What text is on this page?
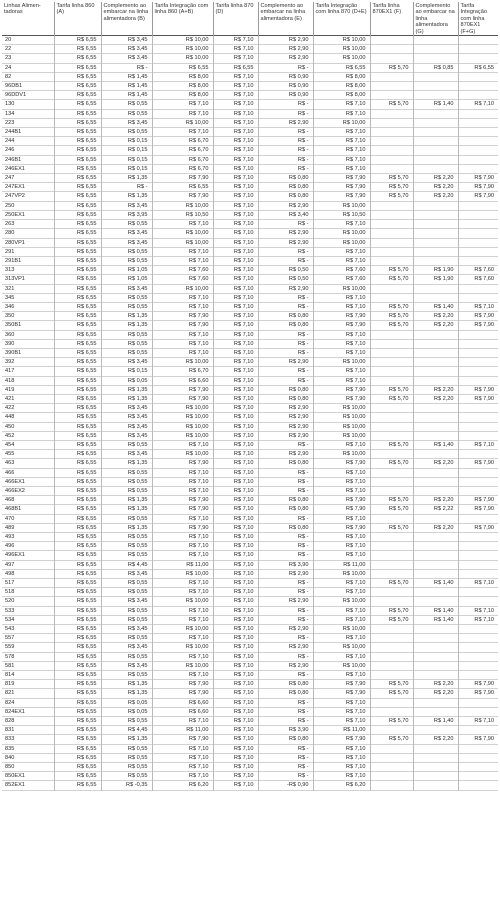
Linhas Alimen-tadoras	Tarifa linha 860 (A)	Complemento ao embarcar na linha alimentadora (B)	Tarifa Integração com linha 860 (A+B)	Tarifa linha 870 (D)	Complemento ao embarcar na linha alimentadora (E)	Tarifa Integração com linha 870 (D+E)	Tarifa linha 870EX1 (F)	Complemento ao embarcar na linha alimentadora (G)	Tarifa Integração com linha 870EX1 (F+G)
20	R$ 6,55	R$ 3,45	R$ 10,00	R$ 7,10	R$ 2,90	R$ 10,00			
22	R$ 6,55	R$ 3,45	R$ 10,00	R$ 7,10	R$ 2,90	R$ 10,00			
23	R$ 6,55	R$ 3,45	R$ 10,00	R$ 7,10	R$ 2,90	R$ 10,00			
24	R$ 6,55	R$ -	R$ 6,55	R$ 6,55	R$ -	R$ 6,55	R$ 5,70	R$ 0,85	R$ 6,55
82	R$ 6,55	R$ 1,45	R$ 8,00	R$ 7,10	R$ 0,90	R$ 8,00			
96DB1	R$ 6,55	R$ 1,45	R$ 8,00	R$ 7,10	R$ 0,90	R$ 8,00			
96DDV1	R$ 6,55	R$ 1,45	R$ 8,00	R$ 7,10	R$ 0,90	R$ 8,00			
130	R$ 6,55	R$ 0,55	R$ 7,10	R$ 7,10	R$ -	R$ 7,10	R$ 5,70	R$ 1,40	R$ 7,10
134	R$ 6,55	R$ 0,55	R$ 7,10	R$ 7,10	R$ -	R$ 7,10			
223	R$ 6,55	R$ 3,45	R$ 10,00	R$ 7,10	R$ 2,90	R$ 10,00			
244B1	R$ 6,55	R$ 0,55	R$ 7,10	R$ 7,10	R$ -	R$ 7,10			
244	R$ 6,55	R$ 0,15	R$ 6,70	R$ 7,10	R$ -	R$ 7,10			
246	R$ 6,55	R$ 0,15	R$ 6,70	R$ 7,10	R$ -	R$ 7,10			
246B1	R$ 6,55	R$ 0,15	R$ 6,70	R$ 7,10	R$ -	R$ 7,10			
246EX1	R$ 6,55	R$ 0,15	R$ 6,70	R$ 7,10	R$ -	R$ 7,10			
247	R$ 6,55	R$ 1,35	R$ 7,90	R$ 7,10	R$ 0,80	R$ 7,90	R$ 5,70	R$ 2,20	R$ 7,90
247EX1	R$ 6,55	R$ -	R$ 6,55	R$ 7,10	R$ 0,80	R$ 7,90	R$ 5,70	R$ 2,20	R$ 7,90
247VP2	R$ 6,55	R$ 1,35	R$ 7,90	R$ 7,10	R$ 0,80	R$ 7,90	R$ 5,70	R$ 2,20	R$ 7,90
250	R$ 6,55	R$ 3,45	R$ 10,00	R$ 7,10	R$ 2,90	R$ 10,00			
250EX1	R$ 6,55	R$ 3,95	R$ 10,50	R$ 7,10	R$ 3,40	R$ 10,50			
263	R$ 6,55	R$ 0,55	R$ 7,10	R$ 7,10	R$ -	R$ 7,10			
280	R$ 6,55	R$ 3,45	R$ 10,00	R$ 7,10	R$ 2,90	R$ 10,00			
280VP1	R$ 6,55	R$ 3,45	R$ 10,00	R$ 7,10	R$ 2,90	R$ 10,00			
291	R$ 6,55	R$ 0,55	R$ 7,10	R$ 7,10	R$ -	R$ 7,10			
291B1	R$ 6,55	R$ 0,55	R$ 7,10	R$ 7,10	R$ -	R$ 7,10			
313	R$ 6,55	R$ 1,05	R$ 7,60	R$ 7,10	R$ 0,50	R$ 7,60	R$ 5,70	R$ 1,90	R$ 7,60
313VP1	R$ 6,55	R$ 1,05	R$ 7,60	R$ 7,10	R$ 0,50	R$ 7,60	R$ 5,70	R$ 1,90	R$ 7,60
321	R$ 6,55	R$ 3,45	R$ 10,00	R$ 7,10	R$ 2,90	R$ 10,00			
345	R$ 6,55	R$ 0,55	R$ 7,10	R$ 7,10	R$ -	R$ 7,10			
346	R$ 6,55	R$ 0,55	R$ 7,10	R$ 7,10	R$ -	R$ 7,10	R$ 5,70	R$ 1,40	R$ 7,10
350	R$ 6,55	R$ 1,35	R$ 7,90	R$ 7,10	R$ 0,80	R$ 7,90	R$ 5,70	R$ 2,20	R$ 7,90
350B1	R$ 6,55	R$ 1,35	R$ 7,90	R$ 7,10	R$ 0,80	R$ 7,90	R$ 5,70	R$ 2,20	R$ 7,90
360	R$ 6,55	R$ 0,55	R$ 7,10	R$ 7,10	R$ -	R$ 7,10			
390	R$ 6,55	R$ 0,55	R$ 7,10	R$ 7,10	R$ -	R$ 7,10			
390B1	R$ 6,55	R$ 0,55	R$ 7,10	R$ 7,10	R$ -	R$ 7,10			
392	R$ 6,55	R$ 3,45	R$ 10,00	R$ 7,10	R$ 2,90	R$ 10,00			
417	R$ 6,55	R$ 0,15	R$ 6,70	R$ 7,10	R$ -	R$ 7,10			
418	R$ 6,55	R$ 0,05	R$ 6,60	R$ 7,10	R$ -	R$ 7,10			
419	R$ 6,55	R$ 1,35	R$ 7,90	R$ 7,10	R$ 0,80	R$ 7,90	R$ 5,70	R$ 2,20	R$ 7,90
421	R$ 6,55	R$ 1,35	R$ 7,90	R$ 7,10	R$ 0,80	R$ 7,90	R$ 5,70	R$ 2,20	R$ 7,90
422	R$ 6,55	R$ 3,45	R$ 10,00	R$ 7,10	R$ 2,90	R$ 10,00			
448	R$ 6,55	R$ 3,45	R$ 10,00	R$ 7,10	R$ 2,90	R$ 10,00			
450	R$ 6,55	R$ 3,45	R$ 10,00	R$ 7,10	R$ 2,90	R$ 10,00			
452	R$ 6,55	R$ 3,45	R$ 10,00	R$ 7,10	R$ 2,90	R$ 10,00			
454	R$ 6,55	R$ 0,55	R$ 7,10	R$ 7,10	R$ -	R$ 7,10	R$ 5,70	R$ 1,40	R$ 7,10
455	R$ 6,55	R$ 3,45	R$ 10,00	R$ 7,10	R$ 2,90	R$ 10,00			
463	R$ 6,55	R$ 1,35	R$ 7,90	R$ 7,10	R$ 0,80	R$ 7,90	R$ 5,70	R$ 2,20	R$ 7,90
466	R$ 6,55	R$ 0,55	R$ 7,10	R$ 7,10	R$ -	R$ 7,10			
466EX1	R$ 6,55	R$ 0,55	R$ 7,10	R$ 7,10	R$ -	R$ 7,10			
466EX2	R$ 6,55	R$ 0,55	R$ 7,10	R$ 7,10	R$ -	R$ 7,10			
468	R$ 6,55	R$ 1,35	R$ 7,90	R$ 7,10	R$ 0,80	R$ 7,90	R$ 5,70	R$ 2,20	R$ 7,90
468B1	R$ 6,55	R$ 1,35	R$ 7,90	R$ 7,10	R$ 0,80	R$ 7,90	R$ 5,70	R$ 2,22	R$ 7,90
470	R$ 6,55	R$ 0,55	R$ 7,10	R$ 7,10	R$ -	R$ 7,10			
489	R$ 6,55	R$ 1,35	R$ 7,90	R$ 7,10	R$ 0,80	R$ 7,90	R$ 5,70	R$ 2,20	R$ 7,90
493	R$ 6,55	R$ 0,55	R$ 7,10	R$ 7,10	R$ -	R$ 7,10			
496	R$ 6,55	R$ 0,55	R$ 7,10	R$ 7,10	R$ -	R$ 7,10			
496EX1	R$ 6,55	R$ 0,55	R$ 7,10	R$ 7,10	R$ -	R$ 7,10			
497	R$ 6,55	R$ 4,45	R$ 11,00	R$ 7,10	R$ 3,90	R$ 11,00			
498	R$ 6,55	R$ 3,45	R$ 10,00	R$ 7,10	R$ 2,90	R$ 10,00			
517	R$ 6,55	R$ 0,55	R$ 7,10	R$ 7,10	R$ -	R$ 7,10	R$ 5,70	R$ 1,40	R$ 7,10
518	R$ 6,55	R$ 0,55	R$ 7,10	R$ 7,10	R$ -	R$ 7,10			
520	R$ 6,55	R$ 3,45	R$ 10,00	R$ 7,10	R$ 2,90	R$ 10,00			
533	R$ 6,55	R$ 0,55	R$ 7,10	R$ 7,10	R$ -	R$ 7,10	R$ 5,70	R$ 1,40	R$ 7,10
534	R$ 6,55	R$ 0,55	R$ 7,10	R$ 7,10	R$ -	R$ 7,10	R$ 5,70	R$ 1,40	R$ 7,10
543	R$ 6,55	R$ 3,45	R$ 10,00	R$ 7,10	R$ 2,90	R$ 10,00			
557	R$ 6,55	R$ 0,55	R$ 7,10	R$ 7,10	R$ -	R$ 7,10			
559	R$ 6,55	R$ 3,45	R$ 10,00	R$ 7,10	R$ 2,90	R$ 10,00			
578	R$ 6,55	R$ 0,55	R$ 7,10	R$ 7,10	R$ -	R$ 7,10			
581	R$ 6,55	R$ 3,45	R$ 10,00	R$ 7,10	R$ 2,90	R$ 10,00			
814	R$ 6,55	R$ 0,55	R$ 7,10	R$ 7,10	R$ -	R$ 7,10			
819	R$ 6,55	R$ 1,35	R$ 7,90	R$ 7,10	R$ 0,80	R$ 7,90	R$ 5,70	R$ 2,20	R$ 7,90
821	R$ 6,55	R$ 1,35	R$ 7,90	R$ 7,10	R$ 0,80	R$ 7,90	R$ 5,70	R$ 2,20	R$ 7,90
824	R$ 6,55	R$ 0,05	R$ 6,60	R$ 7,10	R$ -	R$ 7,10			
824EX1	R$ 6,55	R$ 0,05	R$ 6,60	R$ 7,10	R$ -	R$ 7,10			
828	R$ 6,55	R$ 0,55	R$ 7,10	R$ 7,10	R$ -	R$ 7,10	R$ 5,70	R$ 1,40	R$ 7,10
831	R$ 6,55	R$ 4,45	R$ 11,00	R$ 7,10	R$ 3,90	R$ 11,00			
833	R$ 6,55	R$ 1,35	R$ 7,90	R$ 7,10	R$ 0,80	R$ 7,90	R$ 5,70	R$ 2,20	R$ 7,90
835	R$ 6,55	R$ 0,55	R$ 7,10	R$ 7,10	R$ -	R$ 7,10			
840	R$ 6,55	R$ 0,55	R$ 7,10	R$ 7,10	R$ -	R$ 7,10			
850	R$ 6,55	R$ 0,55	R$ 7,10	R$ 7,10	R$ -	R$ 7,10			
850EX1	R$ 6,55	R$ 0,55	R$ 7,10	R$ 7,10	R$ -	R$ 7,10			
852EX1	R$ 6,55	R$ -0,35	R$ 6,20	R$ 7,10	-R$ 0,90	R$ 6,20			
